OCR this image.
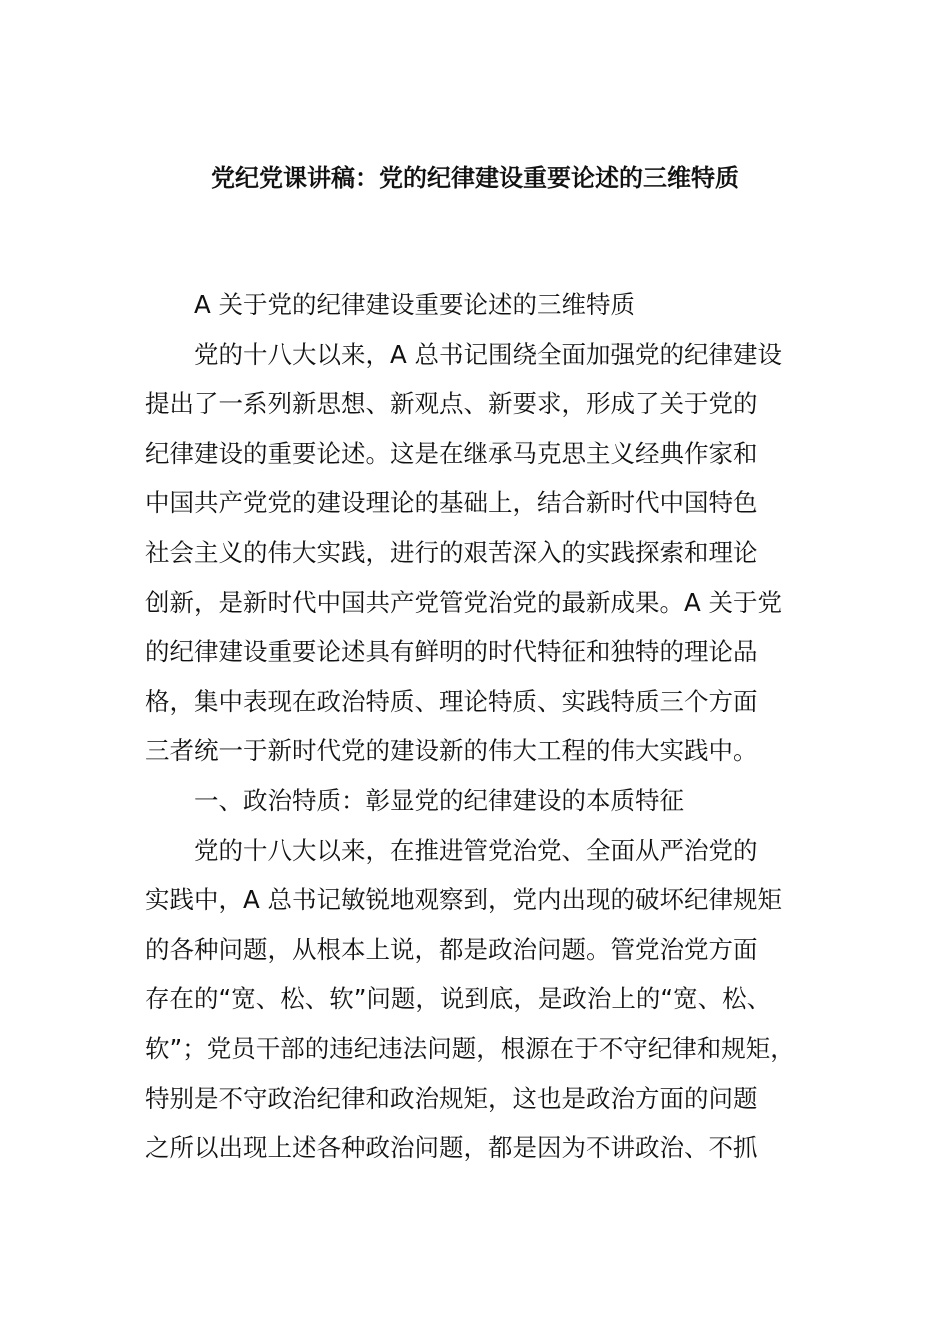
党纪党课讲稿：党的纪律建设重要论述的三维特质

A 关于党的纪律建设重要论述的三维特质

党的十八大以来，A 总书记围绕全面加强党的纪律建设

提出了一系列新思想、新观点、新要求，形成了关于党的

纪律建设的重要论述。这是在继承马克思主义经典作家和

中国共产党党的建设理论的基础上，结合新时代中国特色

社会主义的伟大实践，进行的艰苦深入的实践探索和理论

创新，是新时代中国共产党管党治党的最新成果。A 关于党

的纪律建设重要论述具有鲜明的时代特征和独特的理论品

格，集中表现在政治特质、理论特质、实践特质三个方面

三者统一于新时代党的建设新的伟大工程的伟大实践中。

一、政治特质：彰显党的纪律建设的本质特征

党的十八大以来，在推进管党治党、全面从严治党的

实践中，A 总书记敏锐地观察到，党内出现的破坏纪律规矩

的各种问题，从根本上说，都是政治问题。管党治党方面

存在的“宽、松、软”问题，说到底，是政治上的“宽、松、

软”；党员干部的违纪违法问题，根源在于不守纪律和规矩，

特别是不守政治纪律和政治规矩，这也是政治方面的问题

之所以出现上述各种政治问题，都是因为不讲政治、不抓
